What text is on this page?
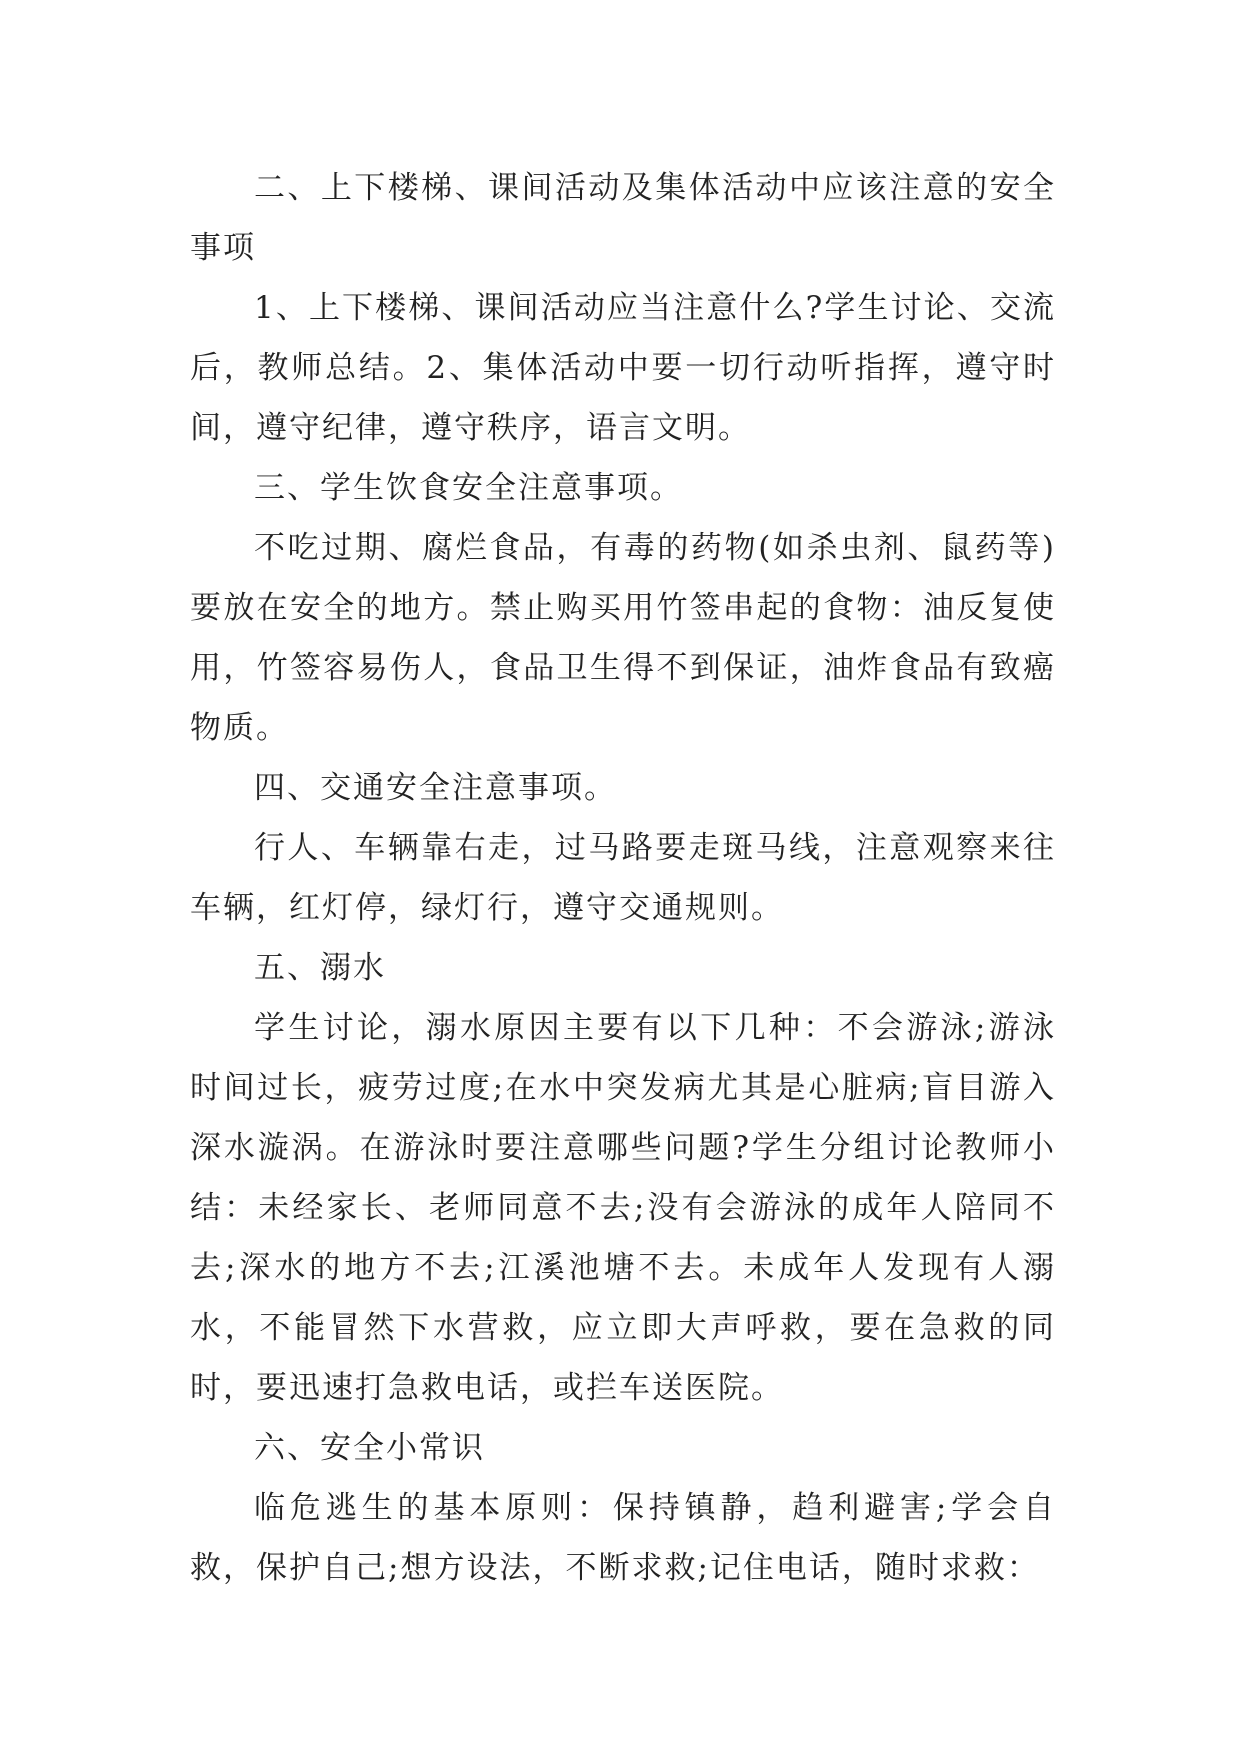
二、上下楼梯、课间活动及集体活动中应该注意的安全事项

1、上下楼梯、课间活动应当注意什么?学生讨论、交流后，教师总结。2、集体活动中要一切行动听指挥，遵守时间，遵守纪律，遵守秩序，语言文明。

三、学生饮食安全注意事项。

不吃过期、腐烂食品，有毒的药物(如杀虫剂、鼠药等)要放在安全的地方。禁止购买用竹签串起的食物：油反复使用，竹签容易伤人，食品卫生得不到保证，油炸食品有致癌物质。

四、交通安全注意事项。

行人、车辆靠右走，过马路要走斑马线，注意观察来往车辆，红灯停，绿灯行，遵守交通规则。

五、溺水

学生讨论，溺水原因主要有以下几种：不会游泳;游泳时间过长，疲劳过度;在水中突发病尤其是心脏病;盲目游入深水漩涡。在游泳时要注意哪些问题?学生分组讨论教师小结：未经家长、老师同意不去;没有会游泳的成年人陪同不去;深水的地方不去;江溪池塘不去。未成年人发现有人溺水，不能冒然下水营救，应立即大声呼救，要在急救的同时，要迅速打急救电话，或拦车送医院。

六、安全小常识

临危逃生的基本原则：保持镇静，趋利避害;学会自救，保护自己;想方设法，不断求救;记住电话，随时求救：
